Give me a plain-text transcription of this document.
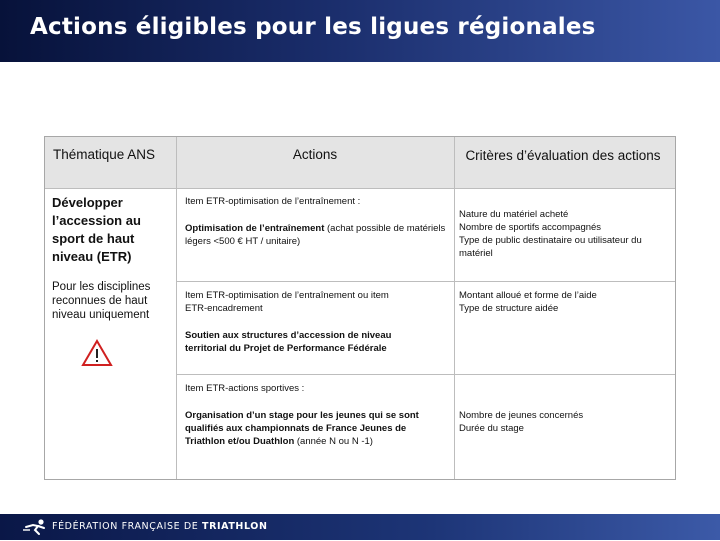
Actions éligibles pour les ligues régionales
Thématique ANS	Actions	Critères d’évaluation des actions
Développer l’accession au sport de haut niveau (ETR)
Pour les disciplines reconnues de haut niveau uniquement
Item ETR-optimisation de l’entraînement :
Optimisation de l’entraînement (achat possible de matériels légers <500 € HT / unitaire)
Nature du matériel acheté
Nombre de sportifs accompagnés
Type de public destinataire ou utilisateur du matériel
Item ETR-optimisation de l’entraînement ou item ETR-encadrement
Soutien aux structures d’accession de niveau territorial du Projet de Performance Fédérale
Montant alloué et forme de l’aide
Type de structure aidée
Item ETR-actions sportives :
Organisation d’un stage pour les jeunes qui se sont qualifiés aux championnats de France Jeunes de Triathlon et/ou Duathlon (année N ou N -1)
Nombre de jeunes concernés
Durée du stage
FÉDÉRATION FRANÇAISE DE TRIATHLON
